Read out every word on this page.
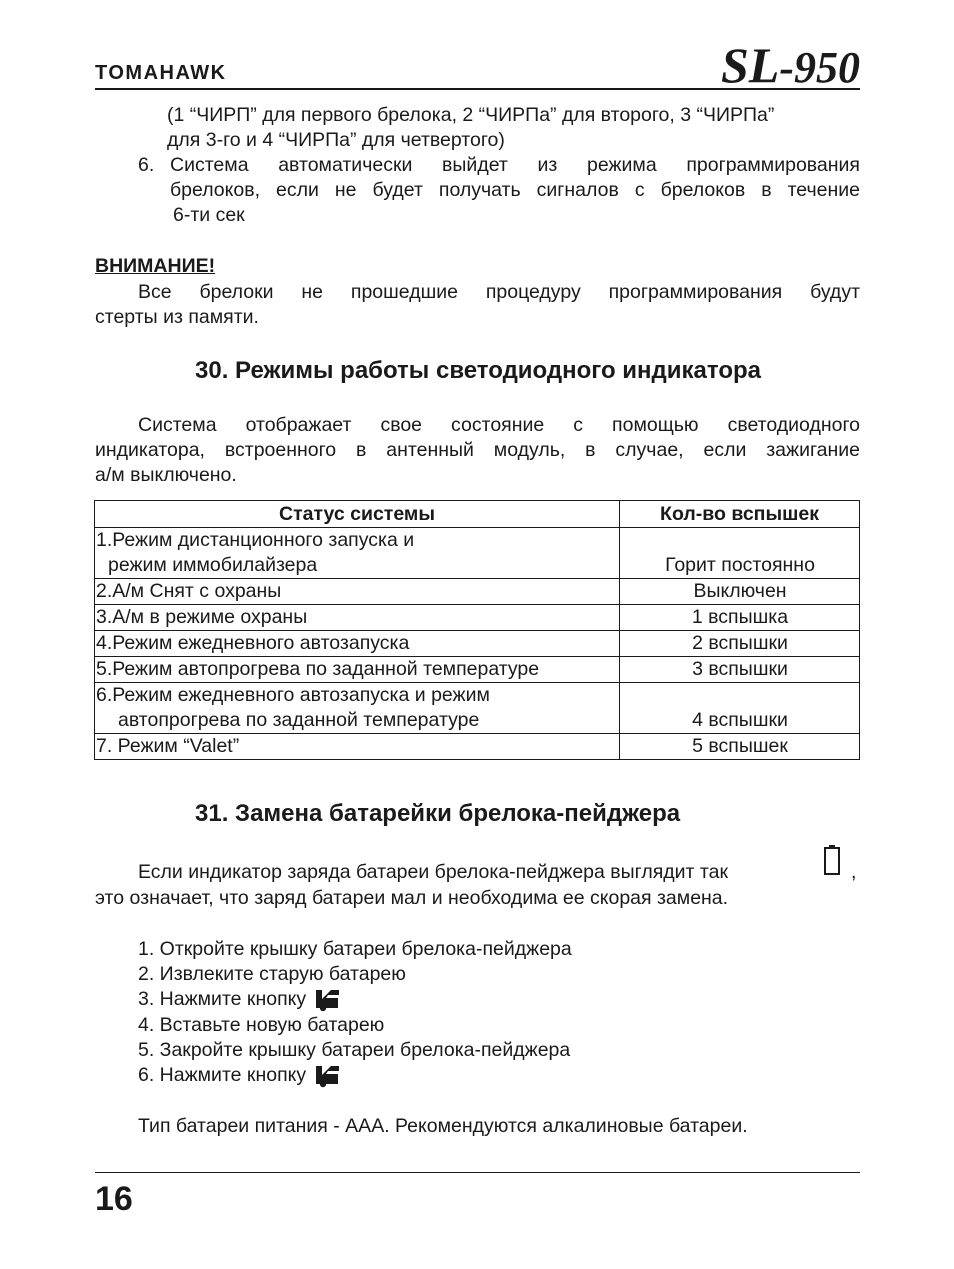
TOMAHAWK	SL-950
(1 “ЧИРП” для первого брелока, 2 “ЧИРПа” для второго, 3 “ЧИРПа”
для 3-го и 4 “ЧИРПа” для четвертого)
6. Система автоматически выйдет из режима программирования
брелоков, если не будет получать сигналов с брелоков в течение
6-ти сек
ВНИМАНИЕ!
Все брелоки не прошедшие процедуру программирования будут
стерты из памяти.
30. Режимы работы светодиодного индикатора
Система отображает свое состояние с помощью светодиодного
индикатора, встроенного в антенный модуль, в случае, если зажигание
а/м выключено.
Статус системы	Кол-во вспышек

1.Режим дистанционного запуска и
режим иммобилайзера	Горит постоянно
2.А/м Снят с охраны	Выключен
3.А/м в режиме охраны	1 вспышка
4.Режим ежедневного автозапуска	2 вспышки
5.Режим автопрогрева по заданной температуре	3 вспышки

6.Режим ежедневного автозапуска и режим
автопрогрева по заданной температуре	4 вспышки
7. Режим “Valet”	5 вспышек
31. Замена батарейки брелока-пейджера
Если индикатор заряда батареи брелока-пейджера выглядит так	,
это означает, что заряд батареи мал и необходима ее скорая замена.
1. Откройте крышку батареи брелока-пейджера
2. Извлеките старую батарею
3. Нажмите кнопку
4. Вставьте новую батарею
5. Закройте крышку батареи брелока-пейджера
6. Нажмите кнопку
Тип батареи питания - ААА. Рекомендуются алкалиновые батареи.
16
